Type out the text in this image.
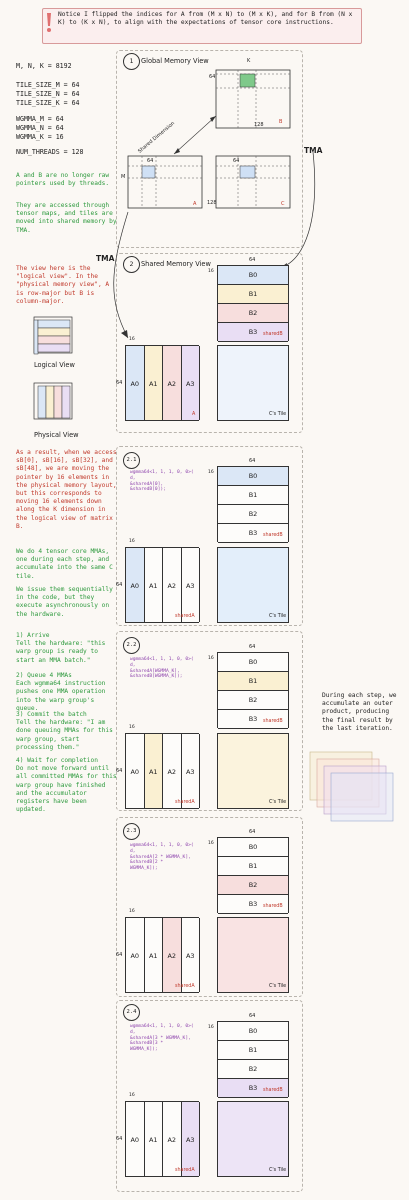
Notice I flipped the indices for A from (M x N) to (M x K), and for B from (N x K) to (K x N), to align with the expectations of tensor core instructions.
M, N, K = 8192
TILE_SIZE_M = 64
TILE_SIZE_N = 64
TILE_SIZE_K = 64
WGMMA_M = 64
WGMMA_N = 64
WGMMA_K = 16
NUM_THREADS = 128
A and B are no longer raw pointers used by threads.
They are accessed through tensor maps, and tiles are moved into shared memory by TMA.
The view here is the "logical view". In the "physical memory view", A is row-major but B is column-major.
Logical View
Physical View
As a result, when we access sB[0], sB[16], sB[32], and sB[48], we are moving the pointer by 16 elements in the physical memory layout, but this corresponds to moving 16 elements down along the K dimension in the logical view of matrix B.
We do 4 tensor core MMAs, one during each step, and accumulate into the same C tile.
We issue them sequentially in the code, but they execute asynchronously on the hardware.
1) Arrive
Tell the hardware: "this warp group is ready to start an MMA batch."
2) Queue 4 MMAs
Each wgmma64 instruction pushes one MMA operation into the warp group's queue.
3) Commit the batch
Tell the hardware: "I am done queuing MMAs for this warp group, start processing them."
4) Wait for completion
Do not move forward until all committed MMAs for this warp group have finished and the accumulator registers have been updated.
During each step, we accumulate an outer product, producing the final result by the last iteration.
1	Global Memory View
Shared Dimension
K
64
128	B
64
M
A
64
128	C
TMA
TMA
2	Shared Memory View
B0
B1
B2
B3	sharedB
64
16
A0	A1	A2	A3
A
64
16
C's Tile
B0
B1
B2
B3	sharedB
64
16
A0	A1	A2	A3
sharedA
64
16
C's Tile
B0
B1
B2
B3	sharedB
64
16
A0	A1	A2	A3
sharedA
64
16
C's Tile
B0
B1
B2
B3	sharedB
64
16
A0	A1	A2	A3
sharedA
64
16
C's Tile
B0
B1
B2
B3	sharedB
64
16
A0	A1	A2	A3
sharedA
64
16
C's Tile
2.1
wgmma64<1, 1, 1, 0, 0>(
d,
&sharedA[0],
&sharedB[0]);
2.2
wgmma64<1, 1, 1, 0, 0>(
d,
&sharedA[WGMMA_K],
&sharedB[WGMMA_K]);
2.3
wgmma64<1, 1, 1, 0, 0>(
d,
&sharedA[2 * WGMMA_K],
&sharedB[2 *
WGMMA_K]);
2.4
wgmma64<1, 1, 1, 0, 0>(
d,
&sharedA[3 * WGMMA_K],
&sharedB[3 *
WGMMA_K]);
